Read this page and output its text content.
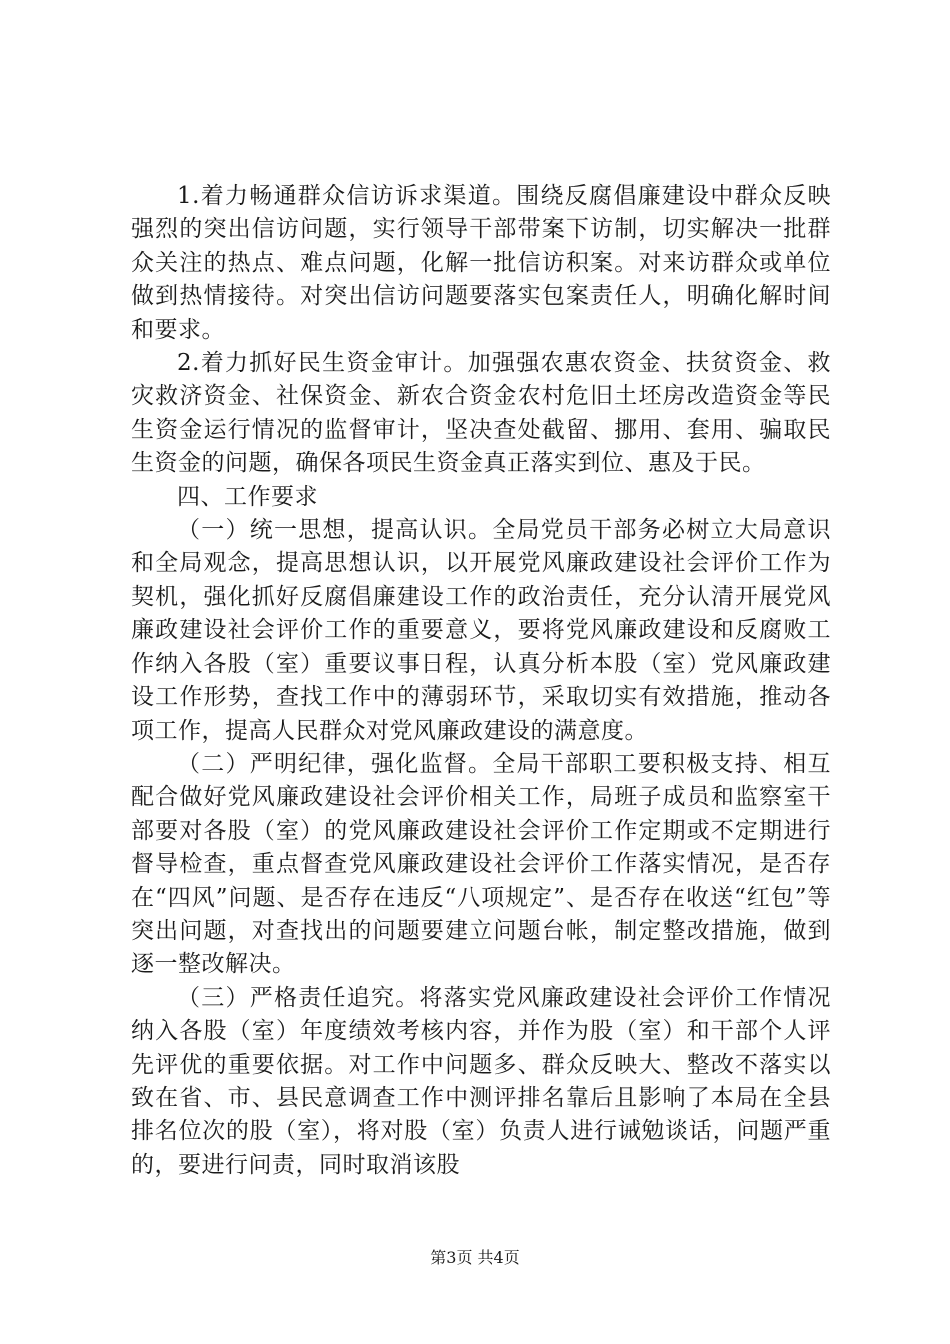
1.着力畅通群众信访诉求渠道。围绕反腐倡廉建设中群众反映强烈的突出信访问题，实行领导干部带案下访制，切实解决一批群众关注的热点、难点问题，化解一批信访积案。对来访群众或单位做到热情接待。对突出信访问题要落实包案责任人，明确化解时间和要求。

2.着力抓好民生资金审计。加强强农惠农资金、扶贫资金、救灾救济资金、社保资金、新农合资金农村危旧土坯房改造资金等民生资金运行情况的监督审计，坚决查处截留、挪用、套用、骗取民生资金的问题，确保各项民生资金真正落实到位、惠及于民。

四、工作要求

（一）统一思想，提高认识。全局党员干部务必树立大局意识和全局观念，提高思想认识，以开展党风廉政建设社会评价工作为契机，强化抓好反腐倡廉建设工作的政治责任，充分认清开展党风廉政建设社会评价工作的重要意义，要将党风廉政建设和反腐败工作纳入各股（室）重要议事日程，认真分析本股（室）党风廉政建设工作形势，查找工作中的薄弱环节，采取切实有效措施，推动各项工作，提高人民群众对党风廉政建设的满意度。

（二）严明纪律，强化监督。全局干部职工要积极支持、相互配合做好党风廉政建设社会评价相关工作，局班子成员和监察室干部要对各股（室）的党风廉政建设社会评价工作定期或不定期进行督导检查，重点督查党风廉政建设社会评价工作落实情况，是否存在“四风”问题、是否存在违反“八项规定”、是否存在收送“红包”等突出问题，对查找出的问题要建立问题台帐，制定整改措施，做到逐一整改解决。

（三）严格责任追究。将落实党风廉政建设社会评价工作情况纳入各股（室）年度绩效考核内容，并作为股（室）和干部个人评先评优的重要依据。对工作中问题多、群众反映大、整改不落实以致在省、市、县民意调查工作中测评排名靠后且影响了本局在全县排名位次的股（室），将对股（室）负责人进行诫勉谈话，问题严重的，要进行问责，同时取消该股

第3页 共4页
